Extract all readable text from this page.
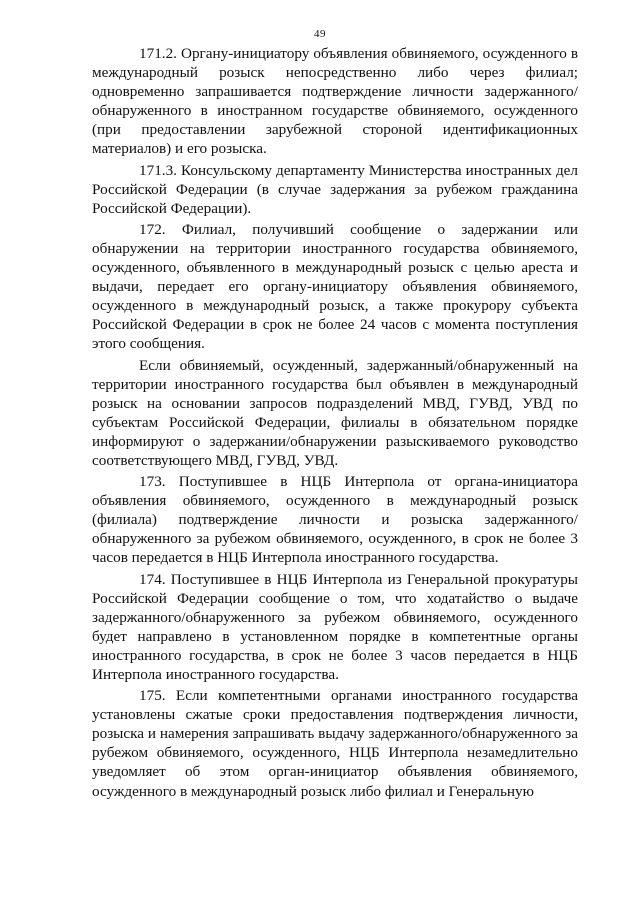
49

171.2. Органу-инициатору объявления обвиняемого, осужденного в международный розыск непосредственно либо через филиал; одновременно запрашивается подтверждение личности задержанного/обнаруженного в иностранном государстве обвиняемого, осужденного (при предоставлении зарубежной стороной идентификационных материалов) и его розыска.

171.3. Консульскому департаменту Министерства иностранных дел Российской Федерации (в случае задержания за рубежом гражданина Российской Федерации).

172. Филиал, получивший сообщение о задержании или обнаружении на территории иностранного государства обвиняемого, осужденного, объявленного в международный розыск с целью ареста и выдачи, передает его органу-инициатору объявления обвиняемого, осужденного в международный розыск, а также прокурору субъекта Российской Федерации в срок не более 24 часов с момента поступления этого сообщения.

Если обвиняемый, осужденный, задержанный/обнаруженный на территории иностранного государства был объявлен в международный розыск на основании запросов подразделений МВД, ГУВД, УВД по субъектам Российской Федерации, филиалы в обязательном порядке информируют о задержании/обнаружении разыскиваемого руководство соответствующего МВД, ГУВД, УВД.

173. Поступившее в НЦБ Интерпола от органа-инициатора объявления обвиняемого, осужденного в международный розыск (филиала) подтверждение личности и розыска задержанного/обнаруженного за рубежом обвиняемого, осужденного, в срок не более 3 часов передается в НЦБ Интерпола иностранного государства.

174. Поступившее в НЦБ Интерпола из Генеральной прокуратуры Российской Федерации сообщение о том, что ходатайство о выдаче задержанного/обнаруженного за рубежом обвиняемого, осужденного будет направлено в установленном порядке в компетентные органы иностранного государства, в срок не более 3 часов передается в НЦБ Интерпола иностранного государства.

175. Если компетентными органами иностранного государства установлены сжатые сроки предоставления подтверждения личности, розыска и намерения запрашивать выдачу задержанного/обнаруженного за рубежом обвиняемого, осужденного, НЦБ Интерпола незамедлительно уведомляет об этом орган-инициатор объявления обвиняемого, осужденного в международный розыск либо филиал и Генеральную
